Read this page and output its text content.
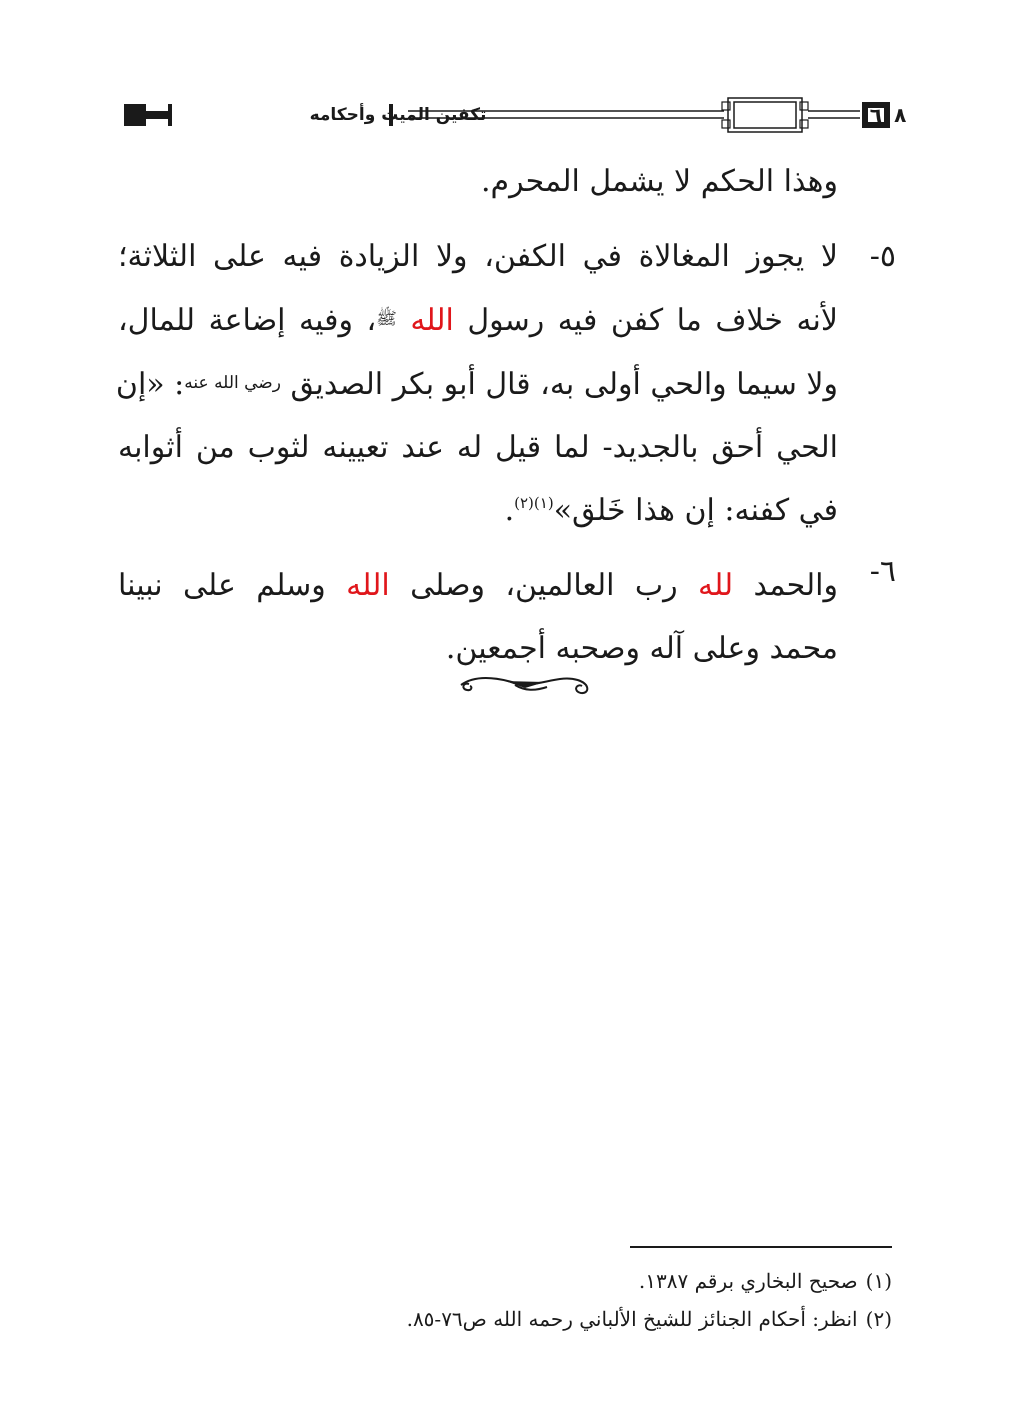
٦٠٨
تكفين الميت وأحكامه
وهذا الحكم لا يشمل المحرم.
لا يجوز المغالاة في الكفن، ولا الزيادة فيه على الثلاثة؛
لأنه خلاف ما كفن فيه رسول الله $^ﷺ$، وفيه إضاعة للمال،
ولا سيما والحي أولى به، قال أبو بكر الصديق $^{رضي الله عنه}$: «إن
الحي أحق بالجديد- لما قيل له عند تعيينه لثوب من أثوابه
في كفنه: إن هذا خَلق»$^{(١)(٢)}$.
والحمد لله رب العالمين، وصلى الله وسلم على نبينا
محمد وعلى آله وصحبه أجمعين.
٥-
٦-
(١)صحيح البخاري برقم ١٣٨٧.
(٢)انظر: أحكام الجنائز للشيخ الألباني رحمه الله ص٧٦-٨٥.
